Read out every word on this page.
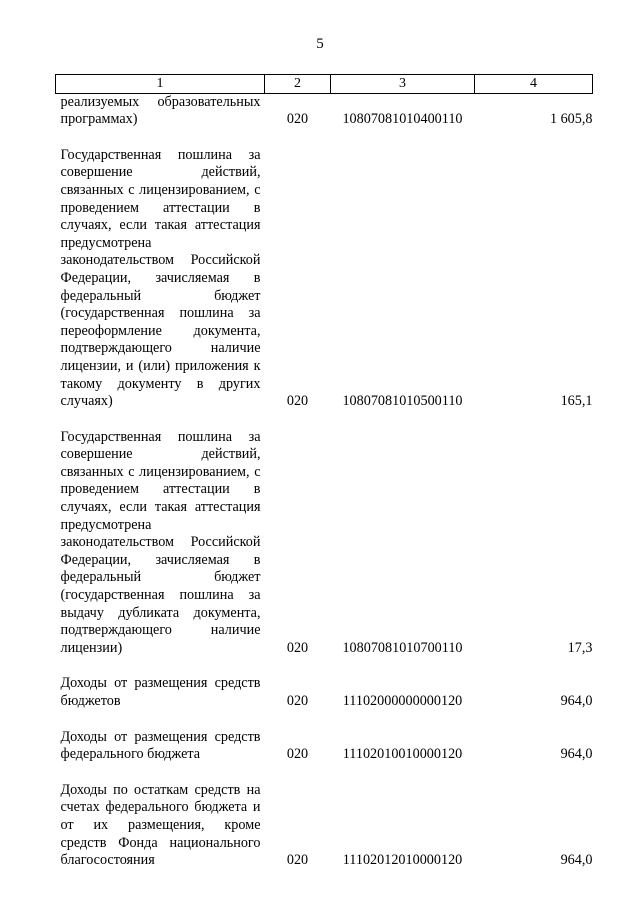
5
1	2	3	4
реализуемых образовательных программах)	020	10807081010400110	1 605,8

Государственная пошлина за совершение действий, связанных с лицензированием, с проведением аттестации в случаях, если такая аттестация предусмотрена законодательством Российской Федерации, зачисляемая в федеральный бюджет (государственная пошлина за переоформление документа, подтверждающего наличие лицензии, и (или) приложения к такому документу в других случаях)	020	10807081010500110	165,1

Государственная пошлина за совершение действий, связанных с лицензированием, с проведением аттестации в случаях, если такая аттестация предусмотрена законодательством Российской Федерации, зачисляемая в федеральный бюджет (государственная пошлина за выдачу дубликата документа, подтверждающего наличие лицензии)	020	10807081010700110	17,3

Доходы от размещения средств бюджетов	020	11102000000000120	964,0

Доходы от размещения средств федерального бюджета	020	11102010010000120	964,0

Доходы по остаткам средств на счетах федерального бюджета и от их размещения, кроме средств Фонда национального благосостояния	020	11102012010000120	964,0
